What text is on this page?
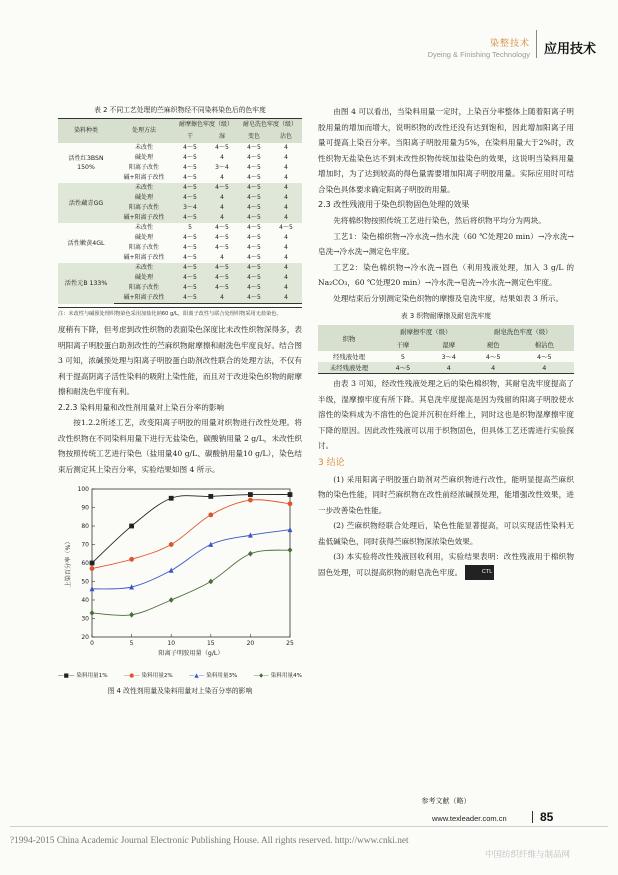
染整技术
Dyeing & Finishing Technology 应用技术
表 2 不同工艺处理的苎麻织物经不同染料染色后的色牢度
染料种类	处理方法	耐摩擦色牢度（级）		耐皂洗色牢度（级）	
		干	湿	变色	沾色
活性红3BSN 150%	未改性	4～5	4～5	4～5	4
	碱处理	4～5	4	4～5	4
	阳离子改性	4～5	3～4	4～5	4
	碱+阳离子改性	4～5	4	4～5	4
活性藏青GG	未改性	4～5	4～5	4～5	4
	碱处理	4～5	4	4～5	4
	阳离子改性	3～4	4	4～5	4
	碱+阳离子改性	4～5	4	4～5	4
活性嫩黄4GL	未改性	5	4～5	4～5	4～5
	碱处理	4～5	4～5	4～5	4
	阳离子改性	4～5	4～5	4～5	4
	碱+阳离子改性	4～5	4	4～5	4
活性元B 133%	未改性	4～5	4～5	4～5	4
	碱处理	4～5	4～5	4～5	4
	阳离子改性	4～5	4～5	4～5	4
	碱+阳离子改性	4～5	4	4～5	4
注：未改性与碱预处理织物染色采用加盐化钠60 g/L，阳离子改性与联合处理织物采用无盐染色。
度稍有下降，但考虑到改性织物的表面染色深度比未改性织物深得多，表明阳离子明胶蛋白助剂改性的苎麻织物耐摩擦和耐洗色牢度良好。结合图 3 可知，浓碱预处理与阳离子明胶蛋白助剂改性联合的处理方法，不仅有利于提高阴离子活性染料的吸附上染性能，而且对于改进染色织物的耐摩擦和耐洗色牢度有利。
2.2.3 染料用量和改性剂用量对上染百分率的影响
按1.2.2所述工艺，改变阳离子明胶的用量对织物进行改性处理。将改性织物在不同染料用量下进行无盐染色，碳酸钠用量 2 g/L，未改性织物按照传统工艺进行染色（盐用量40 g/L、碳酸钠用量10 g/L），染色结束后测定其上染百分率，实验结果如图 4 所示。
20
30
40
50
60
70
80
90
100
0	5	10	15	20	25
阳离子明胶用量（g/L）
上染百分率（%）
—■— 染料用量1%	—●— 染料用量2%	—▲— 染料用量3%	—◆— 染料用量4%
图 4 改性剂用量及染料用量对上染百分率的影响
由图 4 可以看出，当染料用量一定时，上染百分率整体上随着阳离子明胶用量的增加而增大，说明织物的改性还没有达到饱和，因此增加阳离子用量可提高上染百分率。当阳离子明胶用量为5%，在染料用量大于2%时，改性织物无盐染色达不到未改性织物传统加盐染色的效果，这说明当染料用量增加时，为了达到较高的得色量需要增加阳离子明胶用量。实际应用时可结合染色具体要求确定阳离子明胶的用量。
2.3 改性残液用于染色织物固色处理的效果
先将棉织物按照传统工艺进行染色，然后将织物平均分为两块。
工艺1：染色棉织物→冷水洗→热水洗（60 ℃处理20 min）→冷水洗→皂洗→冷水洗→测定色牢度。
工艺2：染色棉织物→冷水洗→固色（利用残液处理，加入 3 g/L 的 Na₂CO₃，60 ℃处理20 min）→冷水洗→皂洗→冷水洗→测定色牢度。
处理结束后分别测定染色织物的摩擦及皂洗牢度，结果如表 3 所示。
表 3 织物耐摩擦及耐皂洗牢度
织物	耐摩擦牢度（级）		耐皂洗色牢度（级）	
	干摩	湿摩	褪色	棉沾色
经残液处理	5	3～4	4～5	4～5
未经残液处理	4～5	4	4	4
由表 3 可知，经改性残液处理之后的染色棉织物，其耐皂洗牢度提高了半级，湿摩擦牢度有所下降。其皂洗牢度提高是因为残留的阳离子明胶使水溶性的染料成为不溶性的色淀并沉积在纤维上，同时这也是织物湿摩擦牢度下降的原因。因此改性残液可以用于织物固色，但具体工艺还需进行实验探讨。
3 结论
(1) 采用阳离子明胶蛋白助剂对苎麻织物进行改性，能明显提高苎麻织物的染色性能，同时苎麻织物在改性前经浓碱预处理，能增强改性效果，进一步改善染色性能。
(2) 苎麻织物经联合处理后，染色性能显著提高，可以实现活性染料无盐低碱染色，同时获得苎麻织物深浓染色效果。
(3) 本实验将改性残液回收利用，实验结果表明：改性残液用于棉织物固色处理，可以提高织物的耐皂洗色牢度。	CTL
参考文献（略）
www.texleader.com.cn	85
?1994-2015 China Academic Journal Electronic Publishing House. All rights reserved. http://www.cnki.net
中国纺织纤维与制品网
